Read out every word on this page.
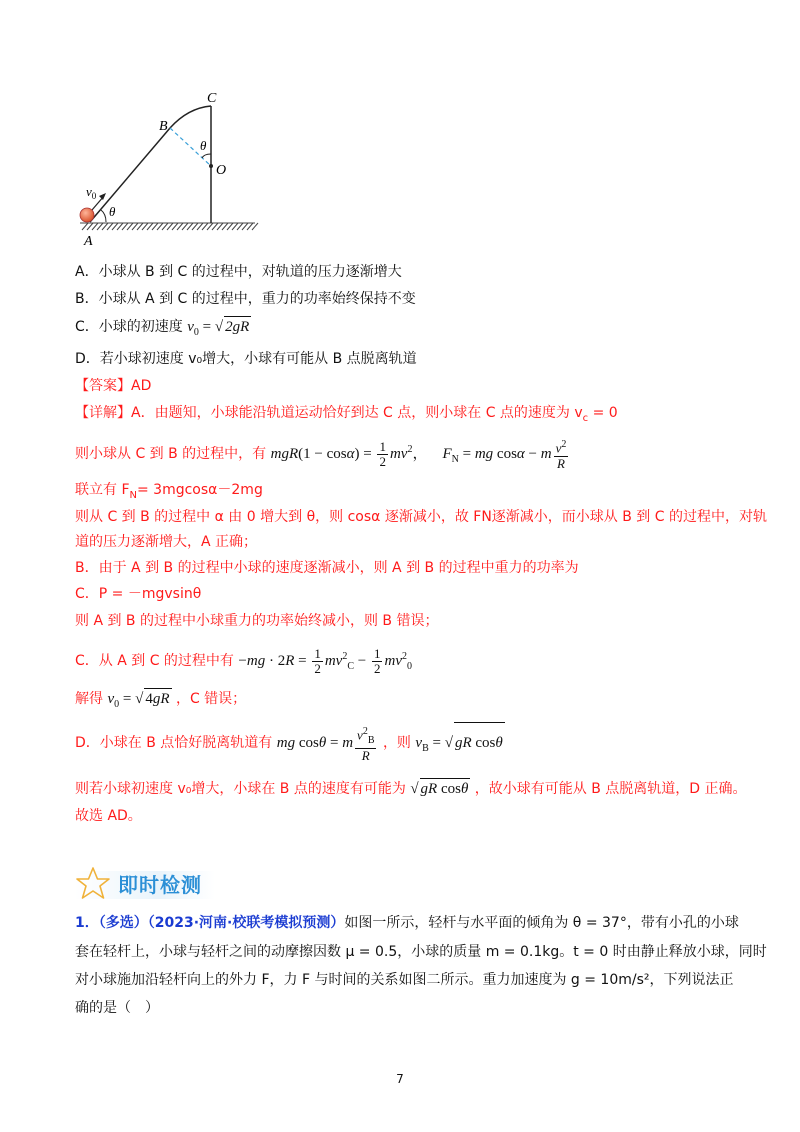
C
B
θ
O
$v_0$
θ
A
A．小球从 B 到 C 的过程中，对轨道的压力逐渐增大
B．小球从 A 到 C 的过程中，重力的功率始终保持不变
C．小球的初速度 $v_0$ = √ 2gR
D．若小球初速度 v₀增大，小球有可能从 B 点脱离轨道
【答案】AD
【详解】A．由题知，小球能沿轨道运动恰好到达 C 点，则小球在 C 点的速度为 $v_c = 0$
则小球从 C 到 B 的过程中，有 $mgR(1 - \cos\alpha) = \frac{1}{2} mv^2$，    $F_N$ = mg cosα − m $\frac{v^2}{R}$
联立有 $F_N= 3mgcos\alpha-2mg$
则从 C 到 B 的过程中 α 由 0 增大到 θ，则 cosα 逐渐减小，故 FN逐渐减小，而小球从 B 到 C 的过程中，对轨
道的压力逐渐增大，A 正确；
B．由于 A 到 B 的过程中小球的速度逐渐减小，则 A 到 B 的过程中重力的功率为
C．P = －mgvsinθ
则 A 到 B 的过程中小球重力的功率始终减小，则 B 错误；
C．从 A 到 C 的过程中有 $-mg \cdot 2R = \frac{1}{2} mv^2_C - \frac{1}{2} mv^2_0$
解得 $v_0$ = √ 4gR ，C 错误；
D．小球在 B 点恰好脱离轨道有 mg cosθ = m $\frac{v^2_B}{R}$ ，则 $v_B$ = √ gR cosθ
则若小球初速度 v₀增大，小球在 B 点的速度有可能为 √ gR cosθ ，故小球有可能从 B 点脱离轨道，D 正确。
故选 AD。
即时检测
1．（多选）（2023·河南·校联考模拟预测）如图一所示，轻杆与水平面的倾角为 θ = 37°，带有小孔的小球
套在轻杆上，小球与轻杆之间的动摩擦因数 μ = 0.5，小球的质量 m = 0.1kg。t = 0 时由静止释放小球，同时
对小球施加沿轻杆向上的外力 F，力 F 与时间的关系如图二所示。重力加速度为 g = 10m/s²，下列说法正
确的是（　）
7
